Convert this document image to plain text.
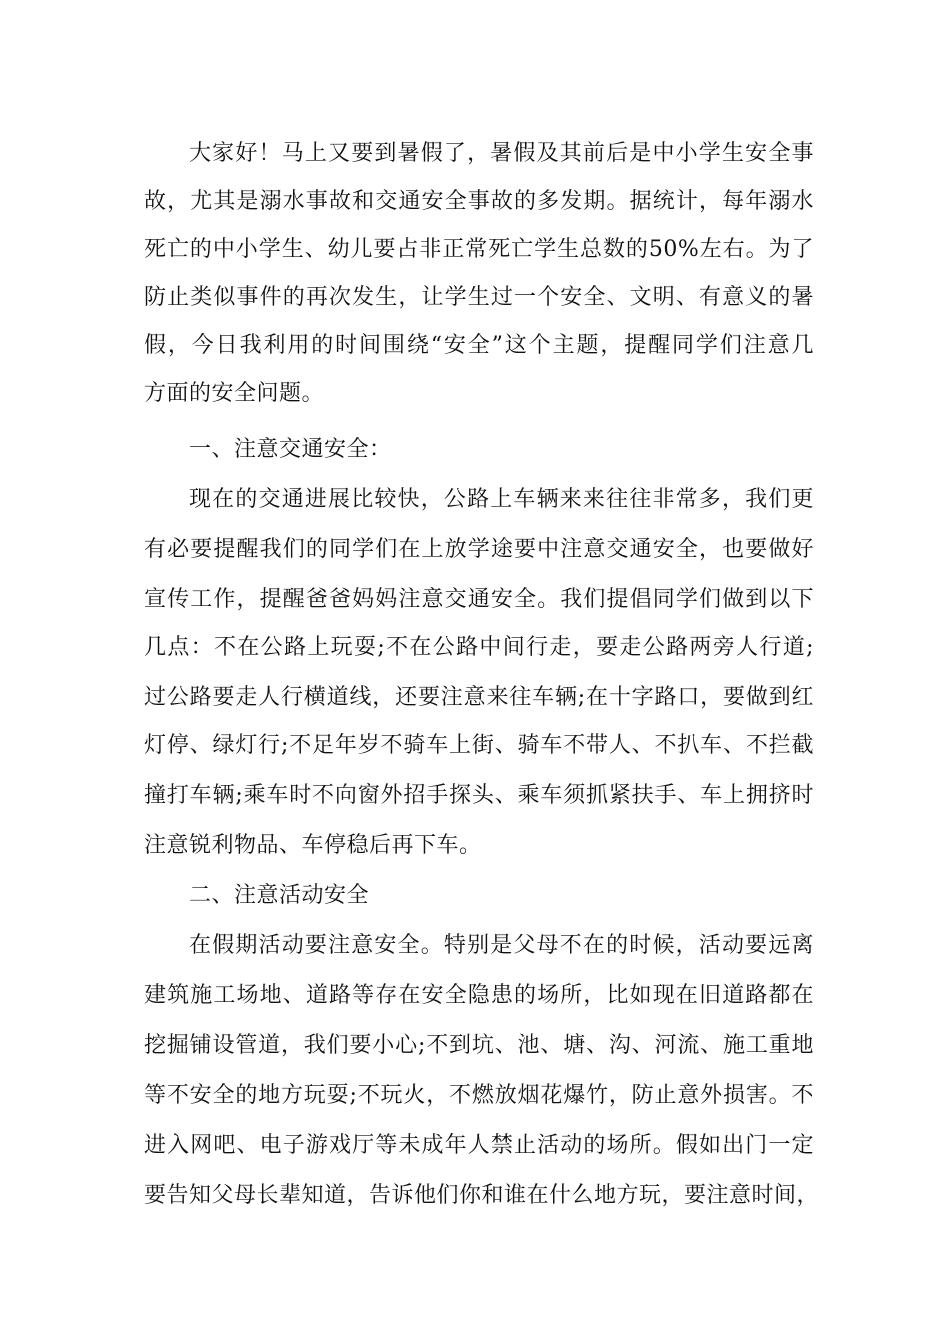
大家好！马上又要到暑假了，暑假及其前后是中小学生安全事
故，尤其是溺水事故和交通安全事故的多发期。据统计，每年溺水
死亡的中小学生、幼儿要占非正常死亡学生总数的50%左右。为了
防止类似事件的再次发生，让学生过一个安全、文明、有意义的暑
假，今日我利用的时间围绕“安全”这个主题，提醒同学们注意几
方面的安全问题。
一、注意交通安全：
现在的交通进展比较快，公路上车辆来来往往非常多，我们更
有必要提醒我们的同学们在上放学途要中注意交通安全，也要做好
宣传工作，提醒爸爸妈妈注意交通安全。我们提倡同学们做到以下
几点：不在公路上玩耍;不在公路中间行走，要走公路两旁人行道;
过公路要走人行横道线，还要注意来往车辆;在十字路口，要做到红
灯停、绿灯行;不足年岁不骑车上街、骑车不带人、不扒车、不拦截
撞打车辆;乘车时不向窗外招手探头、乘车须抓紧扶手、车上拥挤时
注意锐利物品、车停稳后再下车。
二、注意活动安全
在假期活动要注意安全。特别是父母不在的时候，活动要远离
建筑施工场地、道路等存在安全隐患的场所，比如现在旧道路都在
挖掘铺设管道，我们要小心;不到坑、池、塘、沟、河流、施工重地
等不安全的地方玩耍;不玩火，不燃放烟花爆竹，防止意外损害。不
进入网吧、电子游戏厅等未成年人禁止活动的场所。假如出门一定
要告知父母长辈知道，告诉他们你和谁在什么地方玩，要注意时间，
